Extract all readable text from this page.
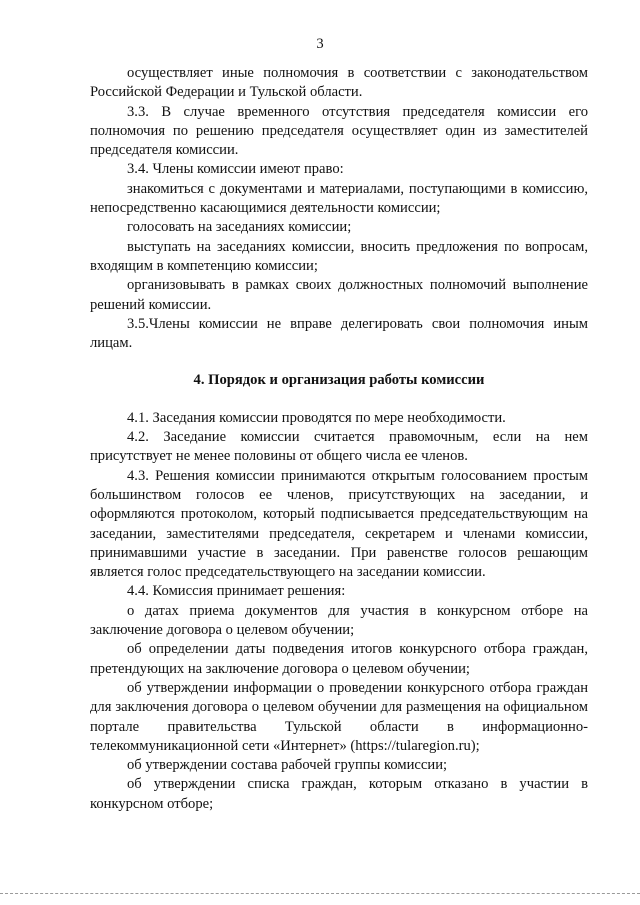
3

осуществляет иные полномочия в соответствии с законодательством Российской Федерации и Тульской области.

3.3. В случае временного отсутствия председателя комиссии его полномочия по решению председателя осуществляет один из заместителей председателя комиссии.

3.4. Члены комиссии имеют право:

знакомиться с документами и материалами, поступающими в комиссию, непосредственно касающимися деятельности комиссии;

голосовать на заседаниях комиссии;

выступать на заседаниях комиссии, вносить предложения по вопросам, входящим в компетенцию комиссии;

организовывать в рамках своих должностных полномочий выполнение решений комиссии.

3.5.Члены комиссии не вправе делегировать свои полномочия иным лицам.

4. Порядок и организация работы комиссии

4.1. Заседания комиссии проводятся по мере необходимости.

4.2. Заседание комиссии считается правомочным, если на нем присутствует не менее половины от общего числа ее членов.

4.3. Решения комиссии принимаются открытым голосованием простым большинством голосов ее членов, присутствующих на заседании, и оформляются протоколом, который подписывается председательствующим на заседании, заместителями председателя, секретарем и членами комиссии, принимавшими участие в заседании. При равенстве голосов решающим является голос председательствующего на заседании комиссии.

4.4. Комиссия принимает решения:

о датах приема документов для участия в конкурсном отборе на заключение договора о целевом обучении;

об определении даты подведения итогов конкурсного отбора граждан, претендующих на заключение договора о целевом обучении;

об утверждении информации о проведении конкурсного отбора граждан для заключения договора о целевом обучении для размещения на официальном портале правительства Тульской области в информационно-телекоммуникационной сети «Интернет» (https://tularegion.ru);

об утверждении состава рабочей группы комиссии;

об утверждении списка граждан, которым отказано в участии в конкурсном отборе;
